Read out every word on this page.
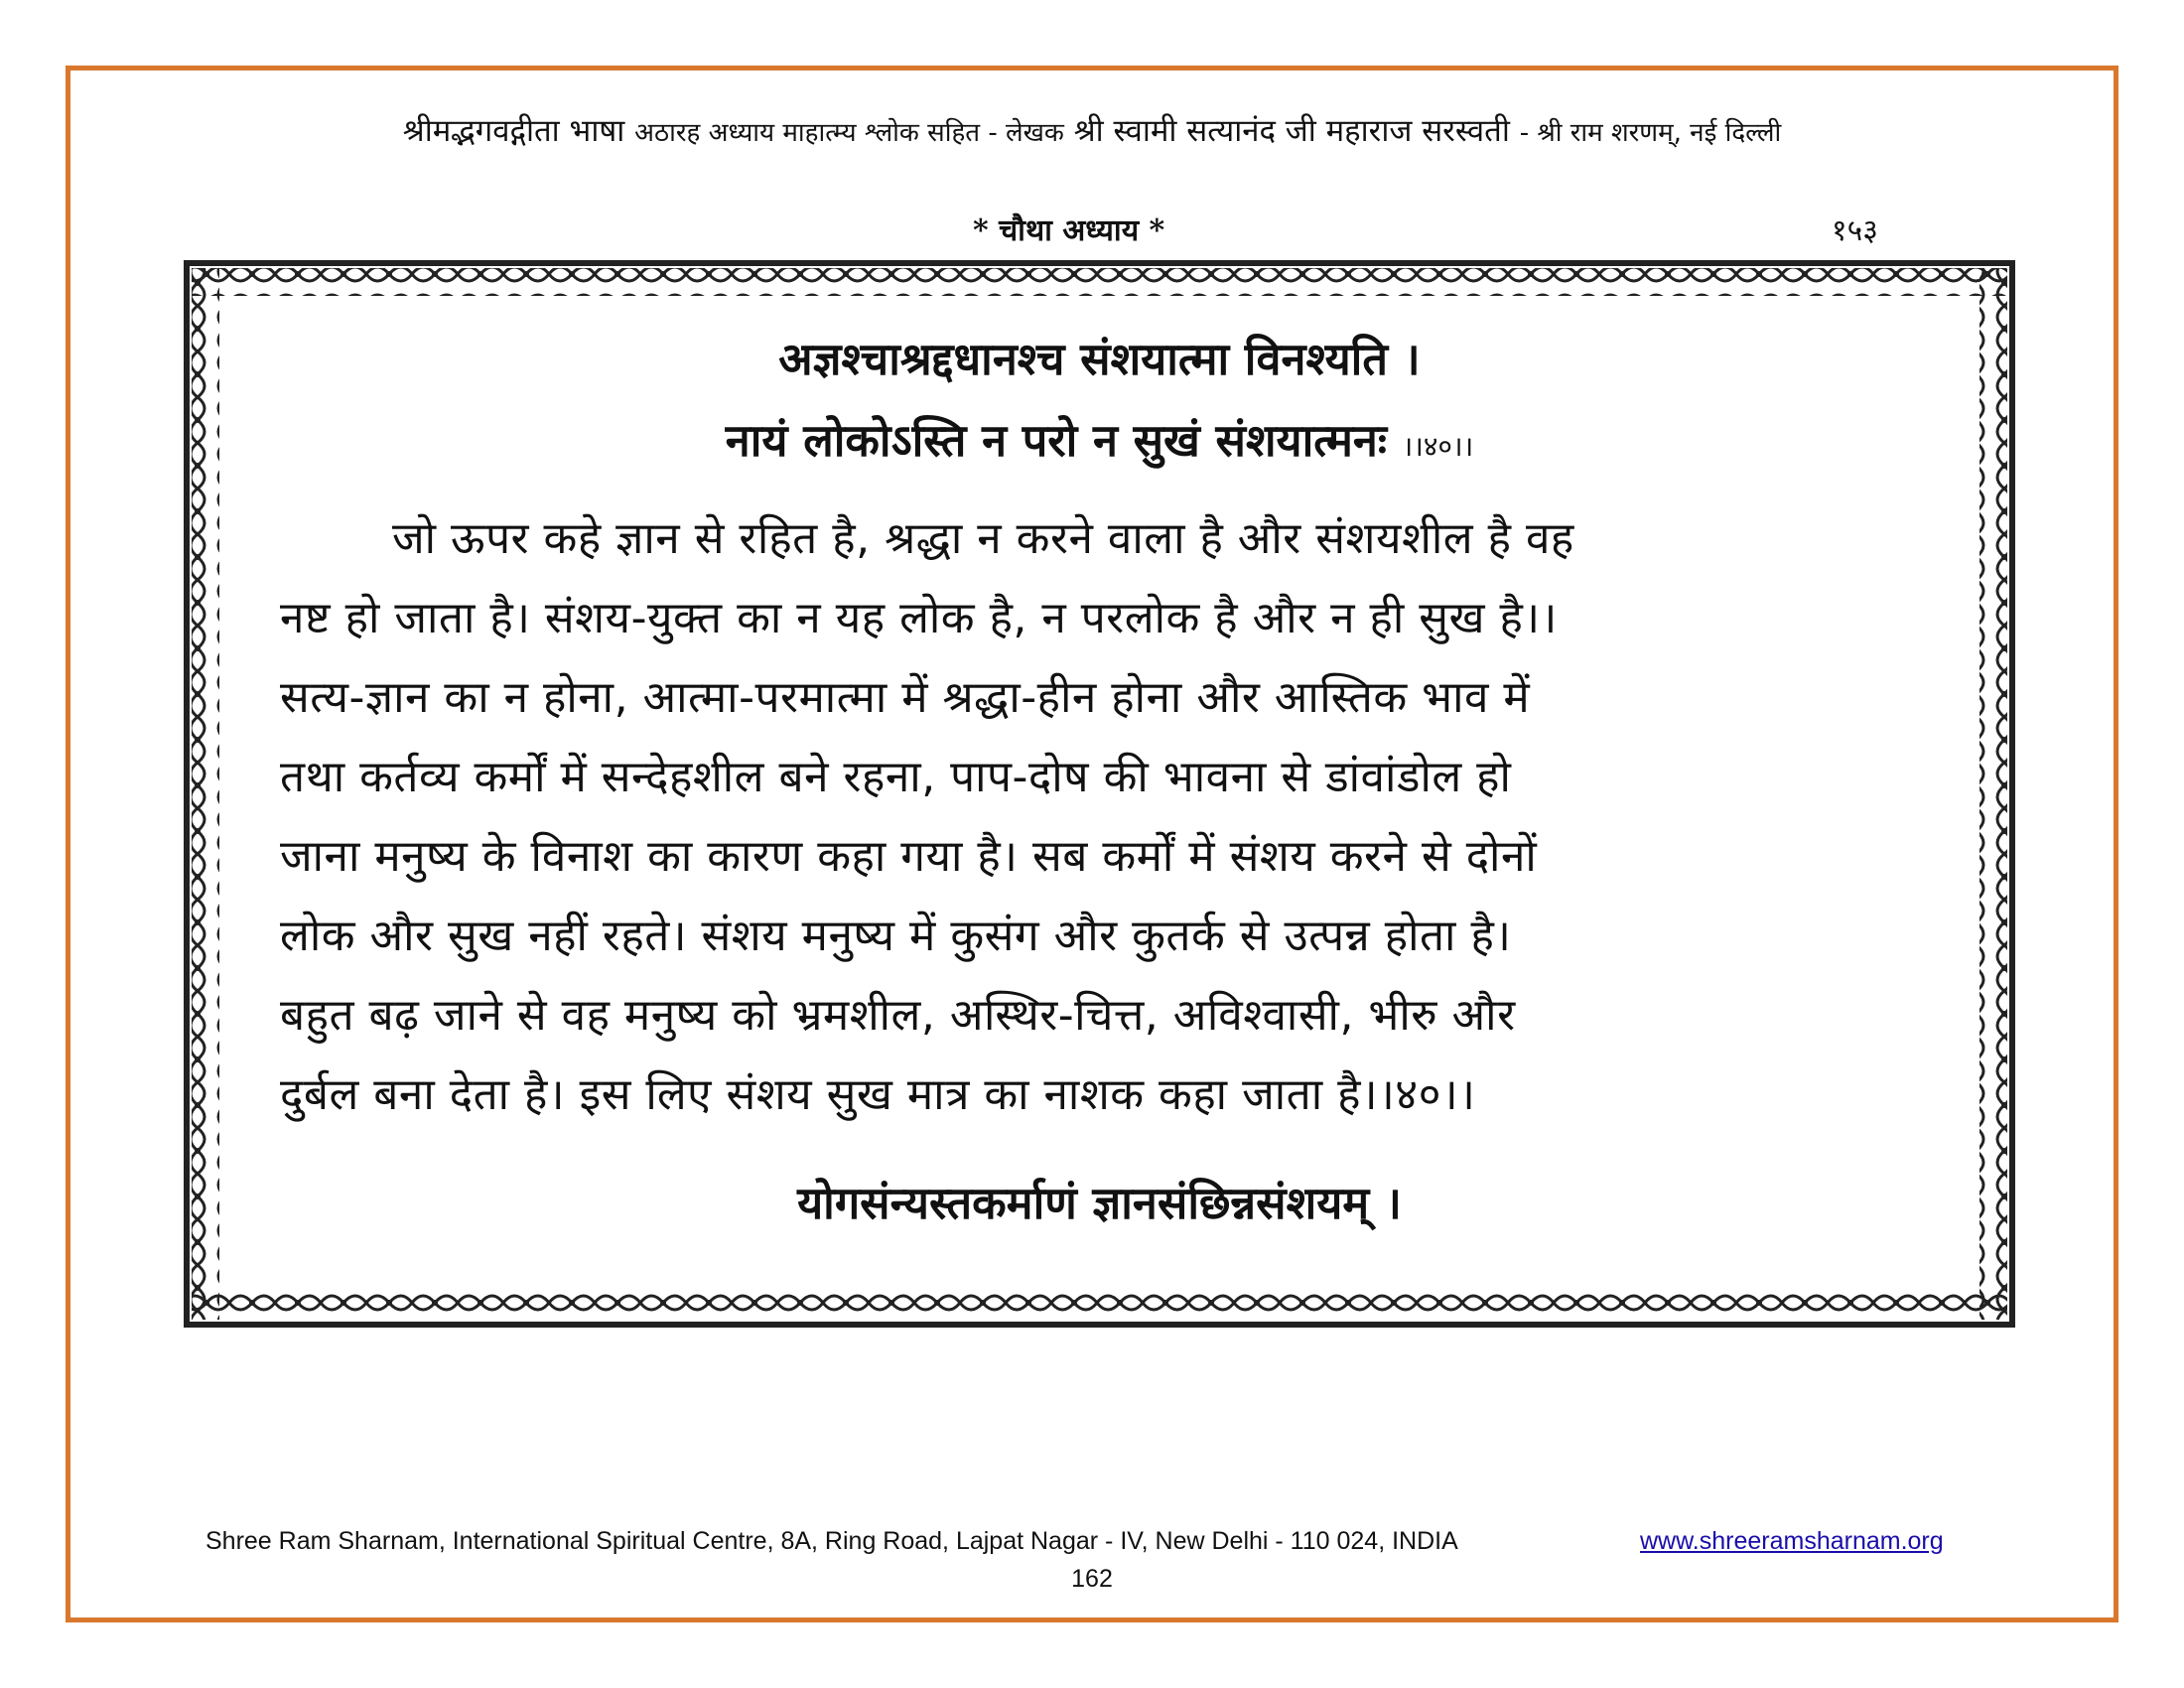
श्रीमद्भगवद्गीता भाषा अठारह अध्याय माहात्म्य श्लोक सहित - लेखक श्री स्वामी सत्यानंद जी महाराज सरस्वती - श्री राम शरणम्, नई दिल्ली
* चौथा अध्याय *	१५३
अज्ञश्चाश्रद्दधानश्च संशयात्मा विनश्यति ।
नायं लोकोऽस्ति न परो न सुखं संशयात्मनः ।।४०।।
जो ऊपर कहे ज्ञान से रहित है, श्रद्धा न करने वाला है और संशयशील है वह
नष्ट हो जाता है। संशय-युक्त का न यह लोक है, न परलोक है और न ही सुख है।।
सत्य-ज्ञान का न होना, आत्मा-परमात्मा में श्रद्धा-हीन होना और आस्तिक भाव में
तथा कर्तव्य कर्मों में सन्देहशील बने रहना, पाप-दोष की भावना से डांवांडोल हो
जाना मनुष्य के विनाश का कारण कहा गया है। सब कर्मों में संशय करने से दोनों
लोक और सुख नहीं रहते। संशय मनुष्य में कुसंग और कुतर्क से उत्पन्न होता है।
बहुत बढ़ जाने से वह मनुष्य को भ्रमशील, अस्थिर-चित्त, अविश्वासी, भीरु और
दुर्बल बना देता है। इस लिए संशय सुख मात्र का नाशक कहा जाता है।।४०।।
योगसंन्यस्तकर्माणं ज्ञानसंछिन्नसंशयम् ।
Shree Ram Sharnam, International Spiritual Centre, 8A, Ring Road, Lajpat Nagar - IV, New Delhi - 110 024, INDIA	www.shreeramsharnam.org
162
